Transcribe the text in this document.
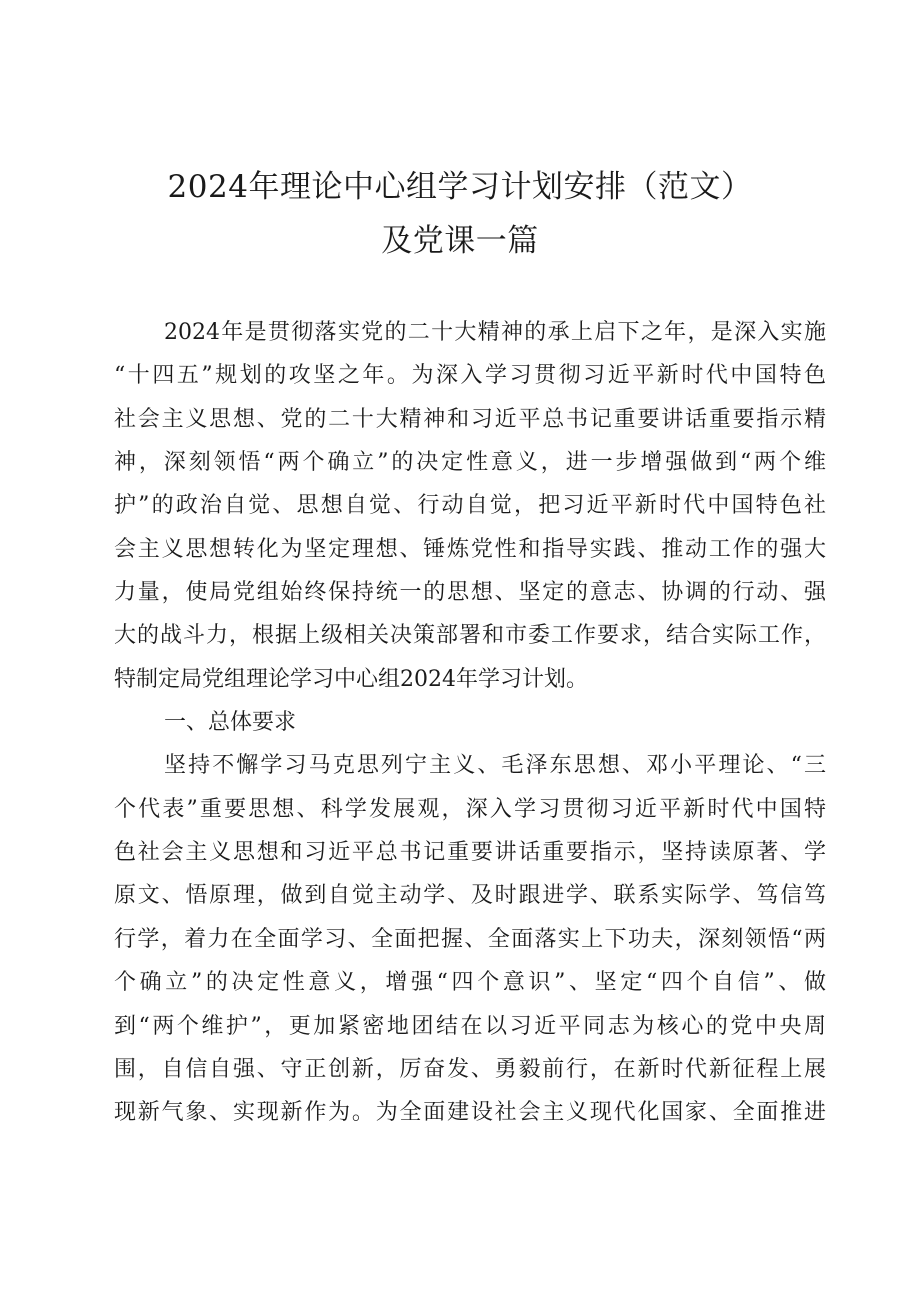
2024年理论中心组学习计划安排（范文）
及党课一篇
2024年是贯彻落实党的二十大精神的承上启下之年，是深入实施
“十四五”规划的攻坚之年。为深入学习贯彻习近平新时代中国特色
社会主义思想、党的二十大精神和习近平总书记重要讲话重要指示精
神，深刻领悟“两个确立”的决定性意义，进一步增强做到“两个维
护”的政治自觉、思想自觉、行动自觉，把习近平新时代中国特色社
会主义思想转化为坚定理想、锤炼党性和指导实践、推动工作的强大
力量，使局党组始终保持统一的思想、坚定的意志、协调的行动、强
大的战斗力，根据上级相关决策部署和市委工作要求，结合实际工作，
特制定局党组理论学习中心组2024年学习计划。
一、总体要求
坚持不懈学习马克思列宁主义、毛泽东思想、邓小平理论、“三
个代表”重要思想、科学发展观，深入学习贯彻习近平新时代中国特
色社会主义思想和习近平总书记重要讲话重要指示，坚持读原著、学
原文、悟原理，做到自觉主动学、及时跟进学、联系实际学、笃信笃
行学，着力在全面学习、全面把握、全面落实上下功夫，深刻领悟“两
个确立”的决定性意义，增强“四个意识”、坚定“四个自信”、做
到“两个维护”，更加紧密地团结在以习近平同志为核心的党中央周
围，自信自强、守正创新，厉奋发、勇毅前行，在新时代新征程上展
现新气象、实现新作为。为全面建设社会主义现代化国家、全面推进
